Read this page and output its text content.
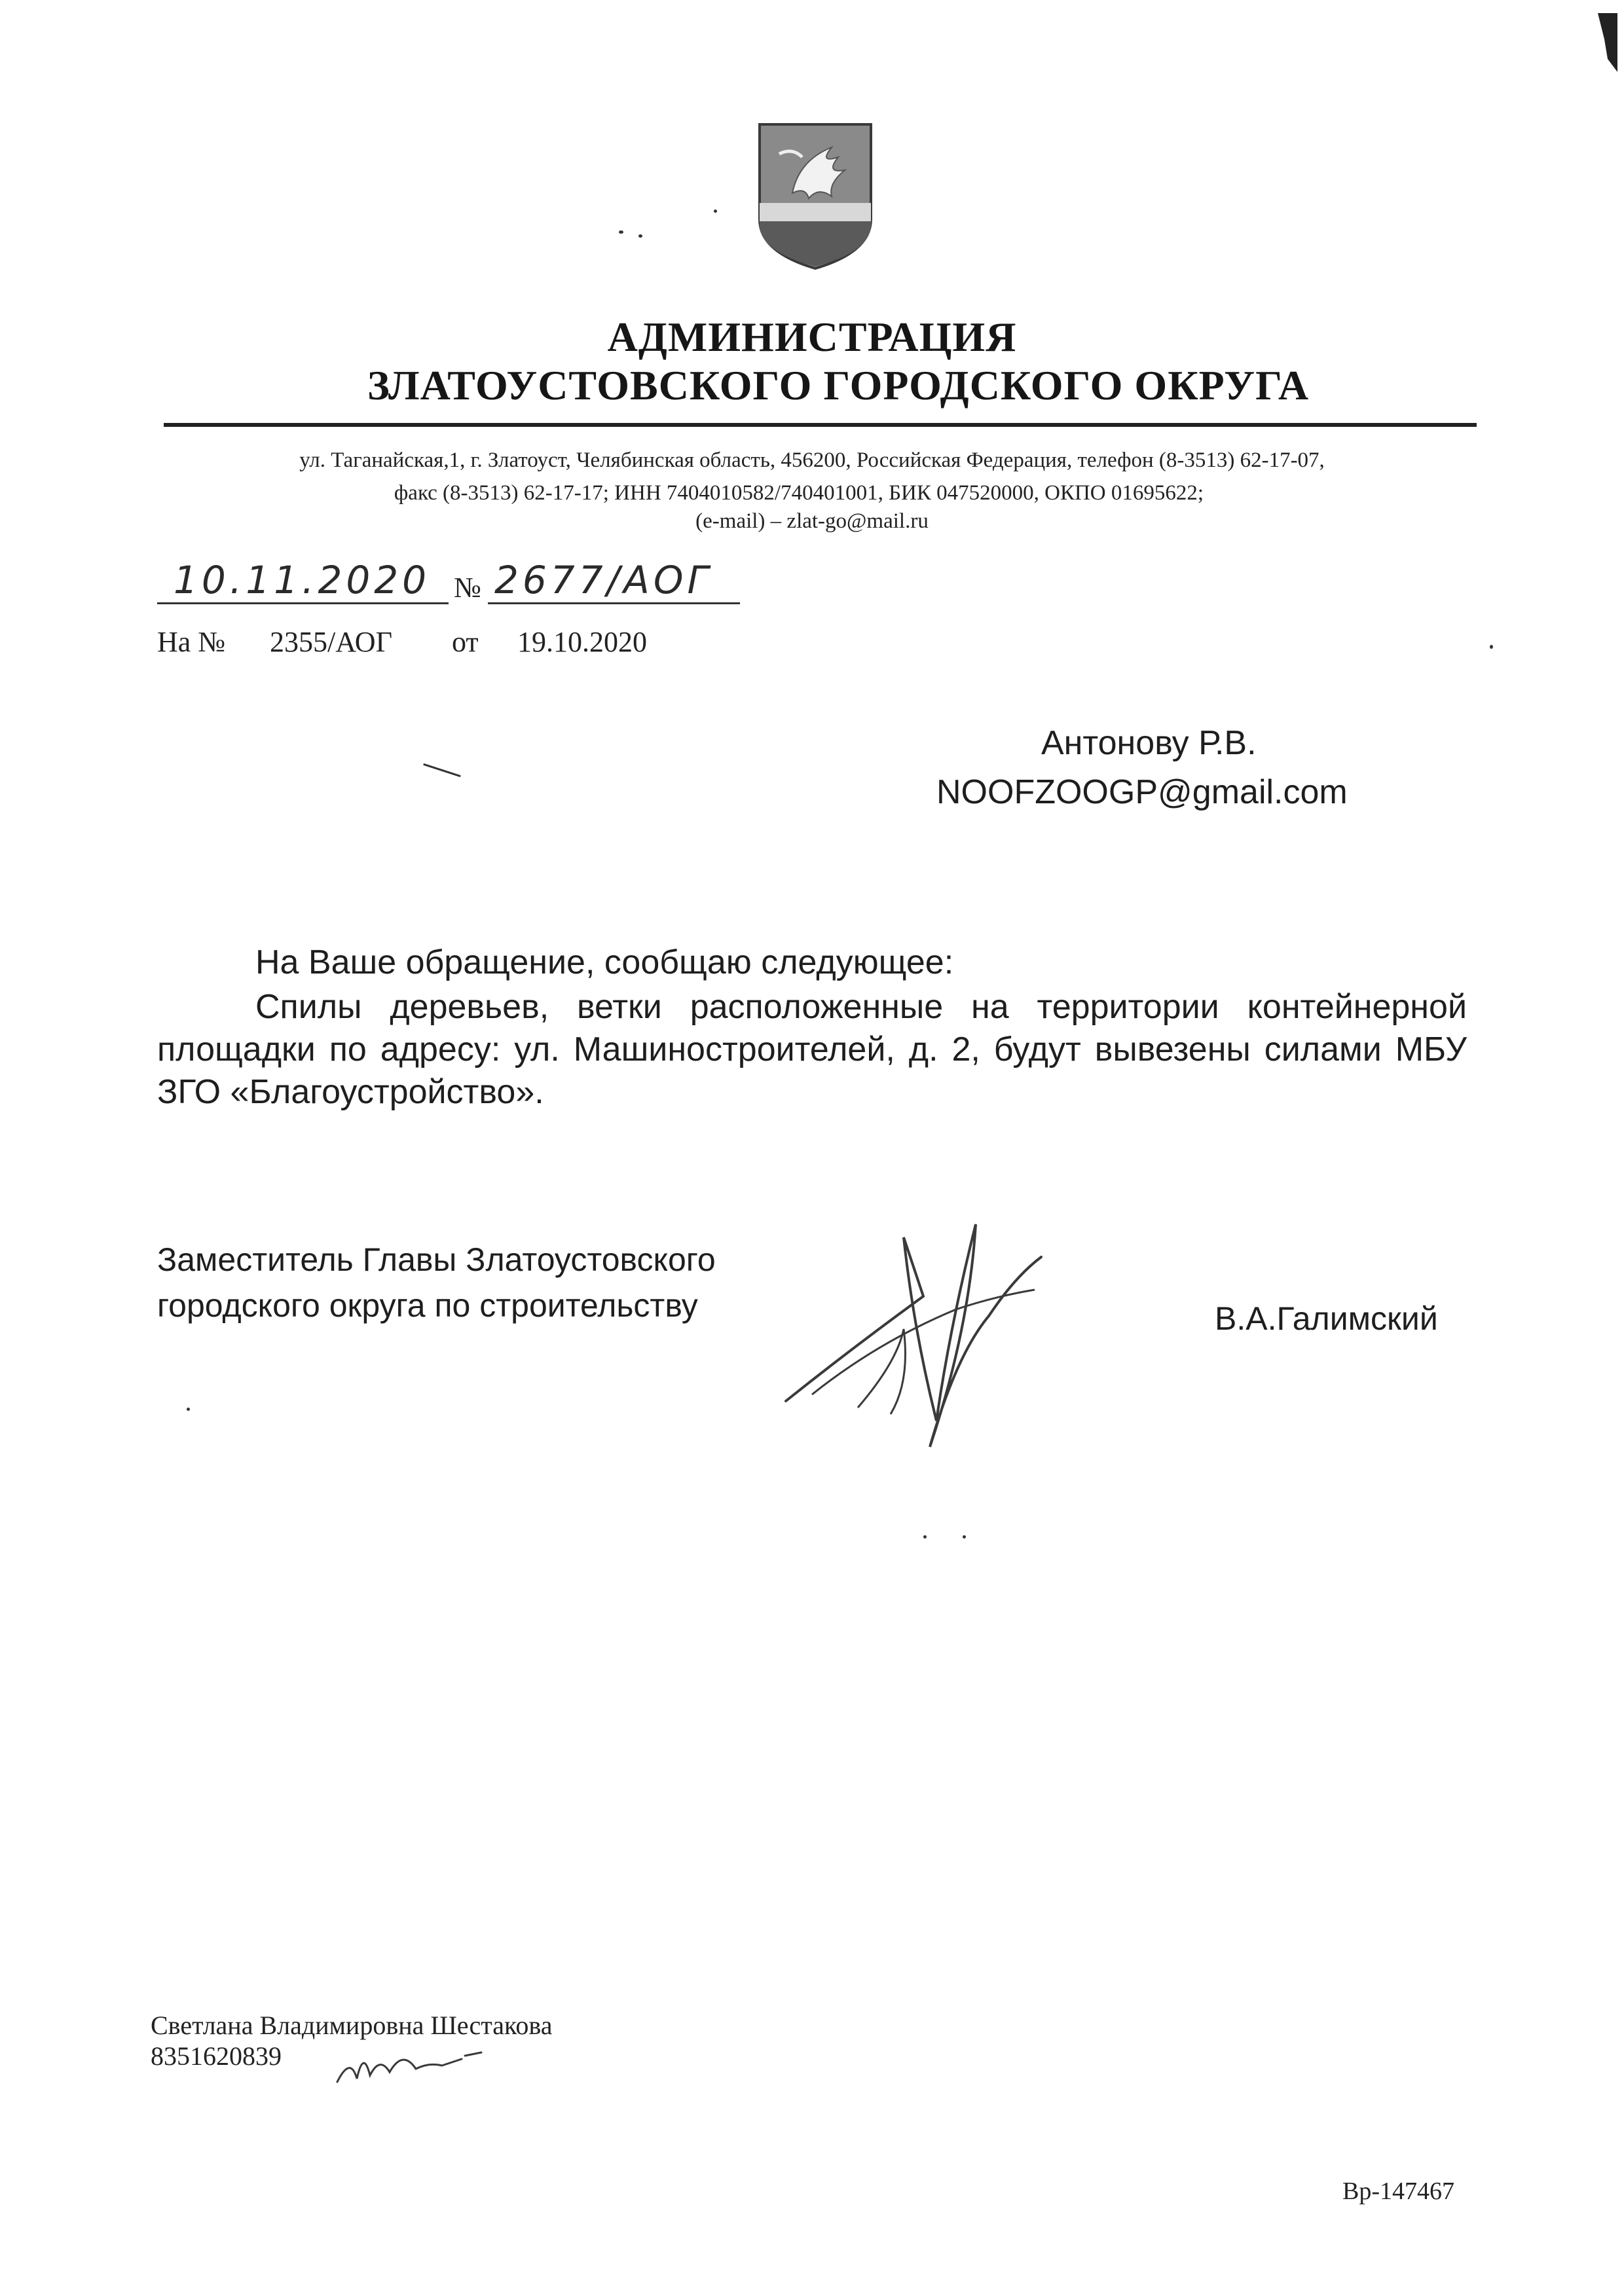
АДМИНИСТРАЦИЯ
ЗЛАТОУСТОВСКОГО ГОРОДСКОГО ОКРУГА
ул. Таганайская,1, г. Златоуст, Челябинская область, 456200, Российская Федерация, телефон (8-3513) 62-17-07,
факс (8-3513) 62-17-17; ИНН 7404010582/740401001, БИК 047520000, ОКПО 01695622;
(e-mail) – zlat-go@mail.ru
10.11.2020 № 2677/АОГ
На № 2355/АОГ от 19.10.2020
Антонову Р.В.
NOOFZOOGP@gmail.com
На Ваше обращение, сообщаю следующее:
Спилы деревьев, ветки расположенные на территории контейнерной площадки по адресу: ул. Машиностроителей, д. 2, будут вывезены силами МБУ ЗГО «Благоустройство».
Заместитель Главы Златоустовского
городского округа по строительству	В.А.Галимский
Светлана Владимировна Шестакова
8351620839
Вр-147467
